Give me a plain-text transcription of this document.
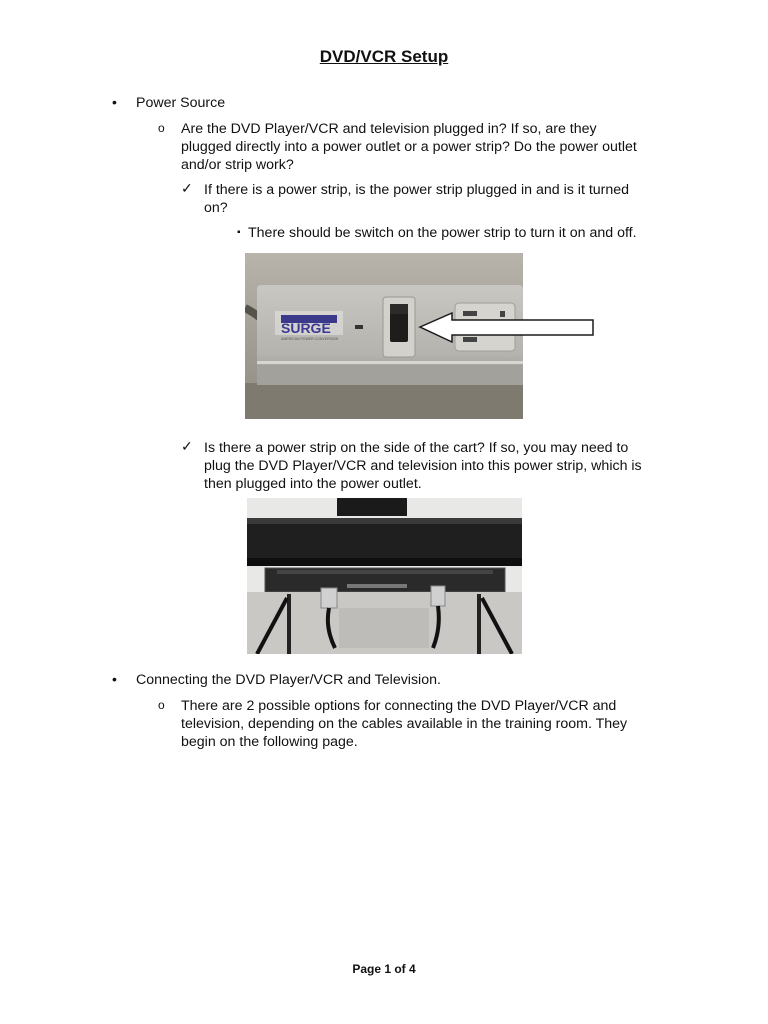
DVD/VCR Setup
• Power Source
o Are the DVD Player/VCR and television plugged in? If so, are they
plugged directly into a power outlet or a power strip? Do the power outlet
and/or strip work?
✓ If there is a power strip, is the power strip plugged in and is it turned
on?
▪ There should be switch on the power strip to turn it on and off.
SURGE
AMERICAN POWER CONVERSION
✓ Is there a power strip on the side of the cart? If so, you may need to
plug the DVD Player/VCR and television into this power strip, which is
then plugged into the power outlet.
• Connecting the DVD Player/VCR and Television.
o There are 2 possible options for connecting the DVD Player/VCR and
television, depending on the cables available in the training room. They
begin on the following page.
Page 1 of 4
